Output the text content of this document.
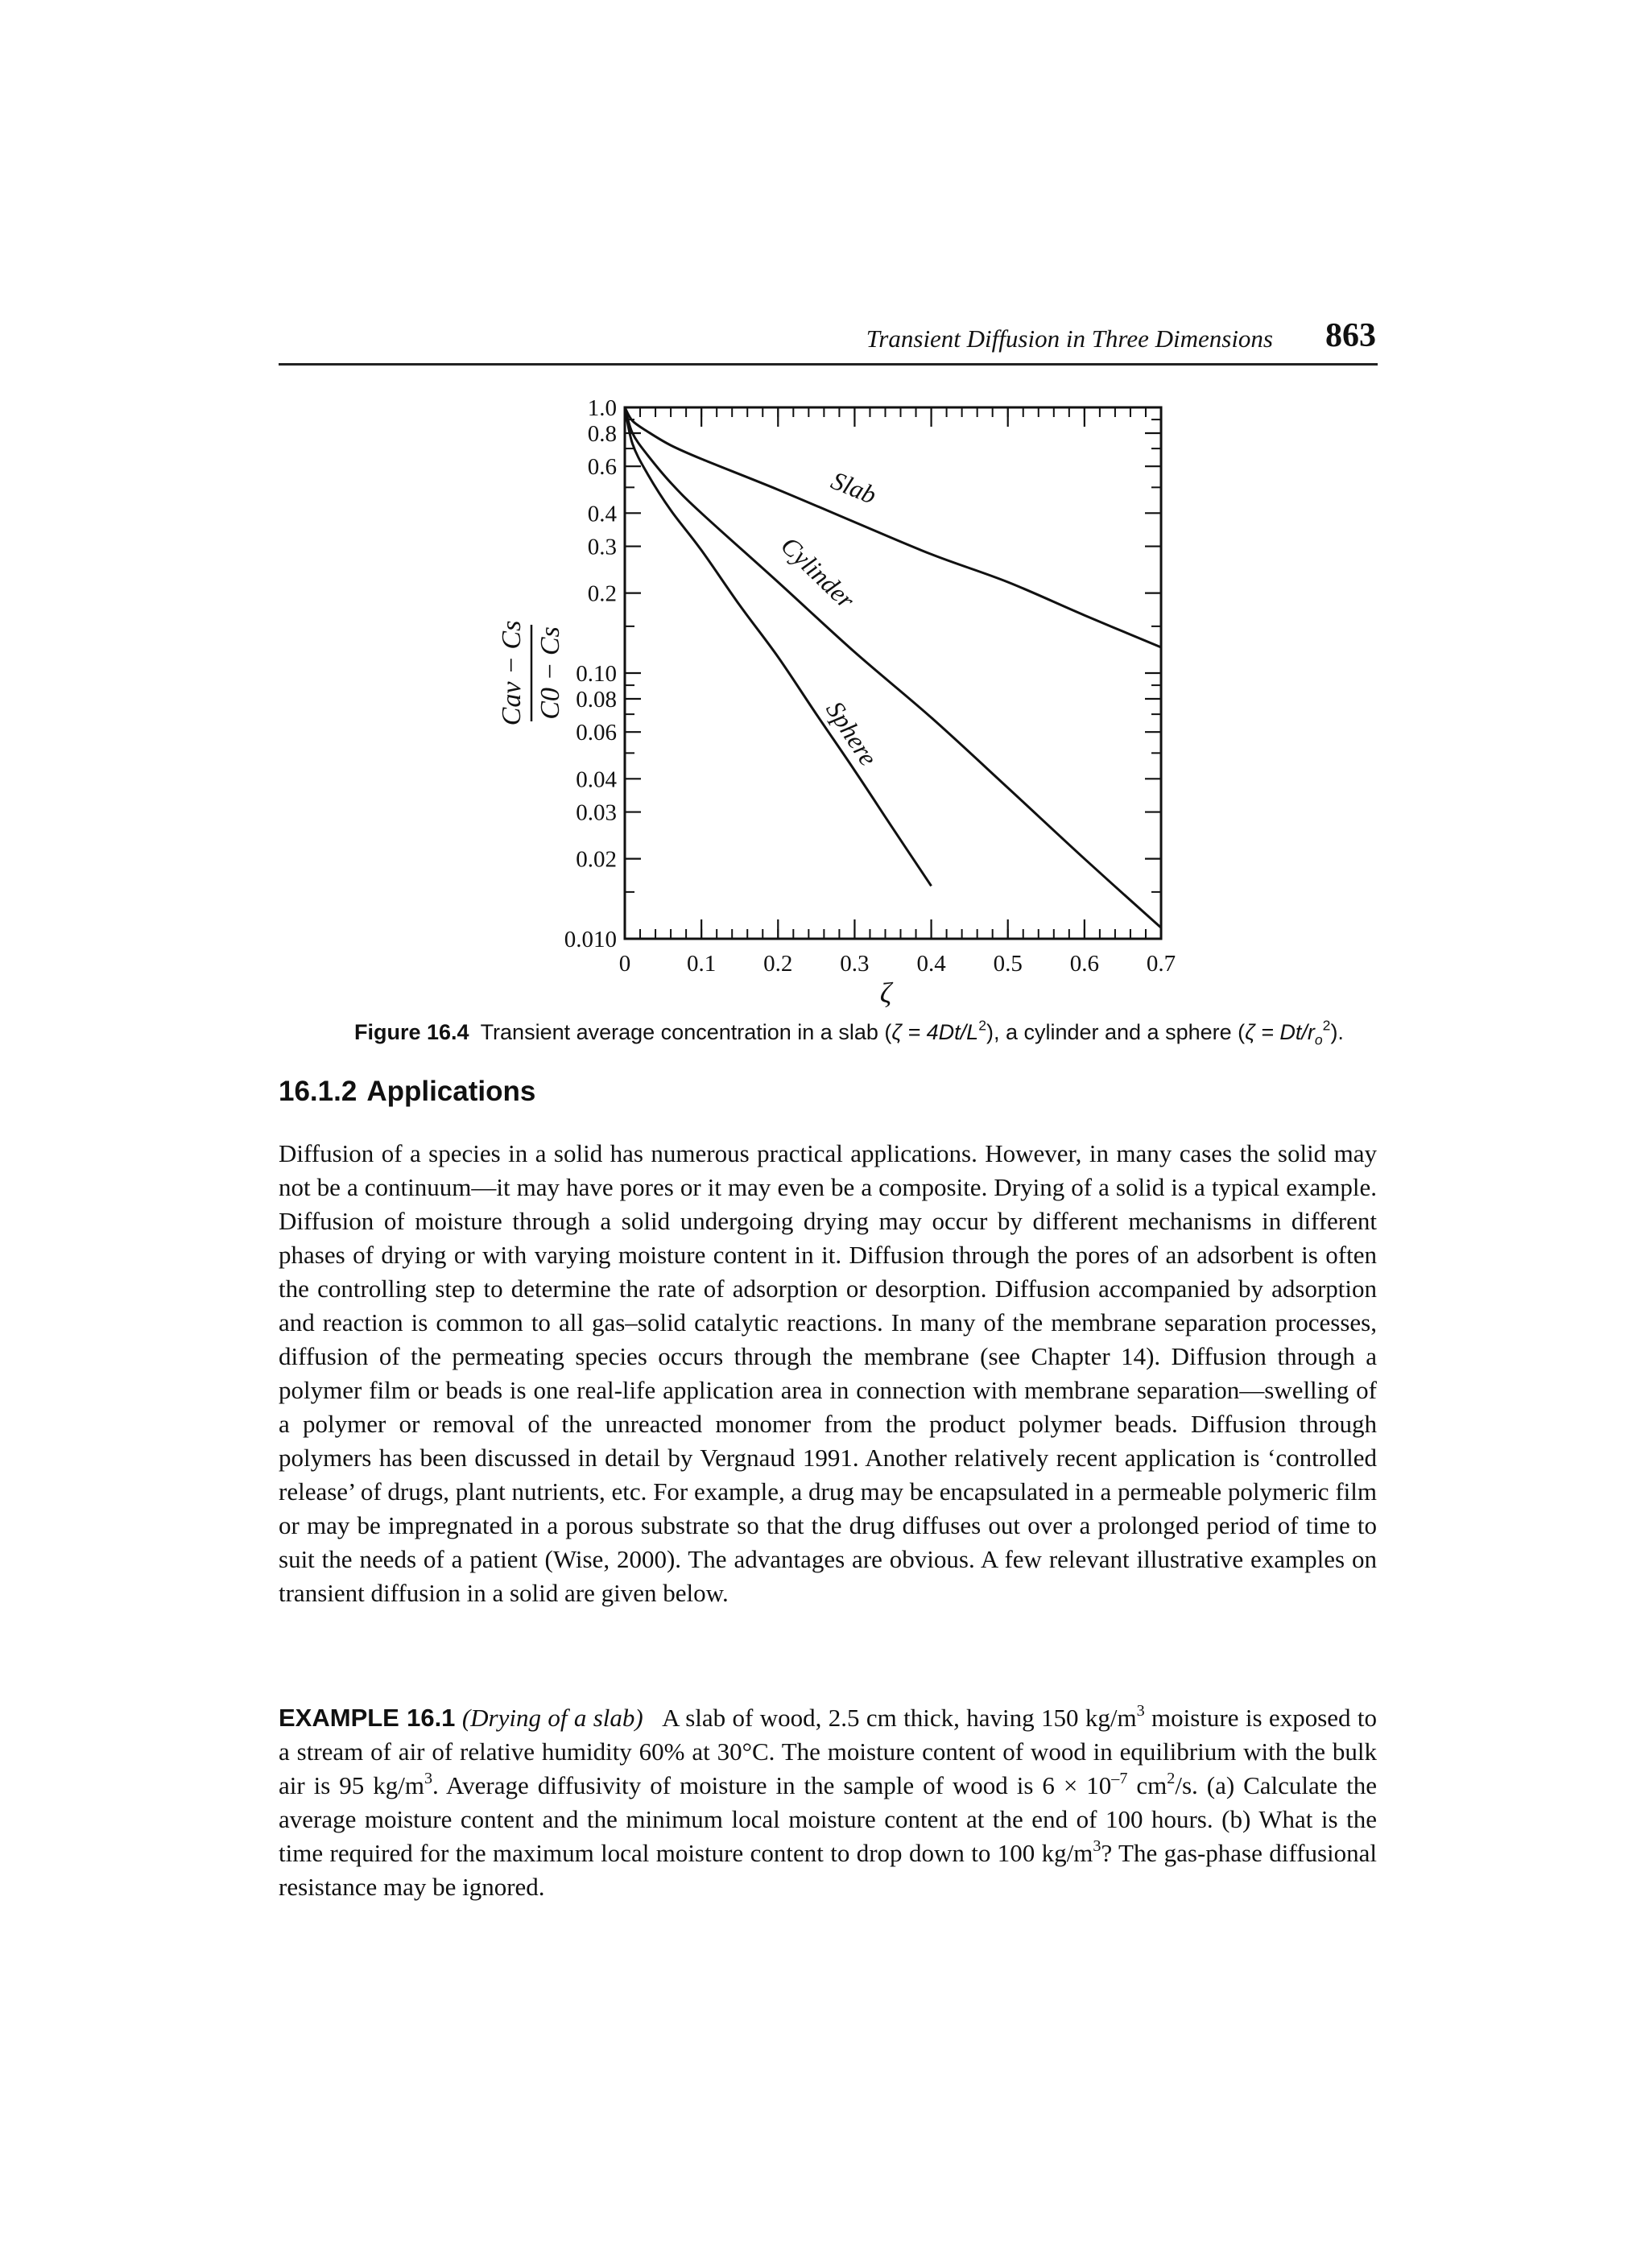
Transient Diffusion in Three Dimensions 863
1.0
0.8
0.6
0.4
0.3
0.2
0.10
0.08
0.06
0.04
0.03
0.02
0.010
0 0.1 0.2 0.3 0.4 0.5 0.6 0.7
Slab
Cylinder
Sphere
ζ
Cav − Cs C0 − Cs
Figure 16.4 Transient average concentration in a slab $(\zeta = 4Dt/L^2)$, a cylinder and a sphere $(\zeta = Dt/r_o^2)$.
16.1.2 Applications

Diffusion of a species in a solid has numerous practical applications. However, in many cases the solid may not be a continuum—it may have pores or it may even be a composite. Drying of a solid is a typical example. Diffusion of moisture through a solid undergoing drying may occur by different mechanisms in different phases of drying or with varying moisture content in it. Diffusion through the pores of an adsorbent is often the controlling step to determine the rate of adsorption or desorption. Diffusion accompanied by adsorption and reaction is common to all gas–solid catalytic reactions. In many of the membrane separation processes, diffusion of the permeating species occurs through the membrane (see Chapter 14). Diffusion through a polymer film or beads is one real-life application area in connection with membrane separation—swelling of a polymer or removal of the unreacted monomer from the product polymer beads. Diffusion through polymers has been discussed in detail by Vergnaud 1991. Another relatively recent application is ‘controlled release’ of drugs, plant nutrients, etc. For example, a drug may be encapsulated in a permeable polymeric film or may be impregnated in a porous substrate so that the drug diffuses out over a prolonged period of time to suit the needs of a patient (Wise, 2000). The advantages are obvious. A few relevant illustrative examples on transient diffusion in a solid are given below.

EXAMPLE 16.1 (Drying of a slab) A slab of wood, 2.5 cm thick, having 150 $kg/m^3$ moisture is exposed to a stream of air of relative humidity 60% at 30°C. The moisture content of wood in equilibrium with the bulk air is 95 $kg/m^3$. Average diffusivity of moisture in the sample of wood is $6 \times 10^{-7}$ $cm^2/s$. (a) Calculate the average moisture content and the minimum local moisture content at the end of 100 hours. (b) What is the time required for the maximum local moisture content to drop down to 100 $kg/m^3$? The gas-phase diffusional resistance may be ignored.
